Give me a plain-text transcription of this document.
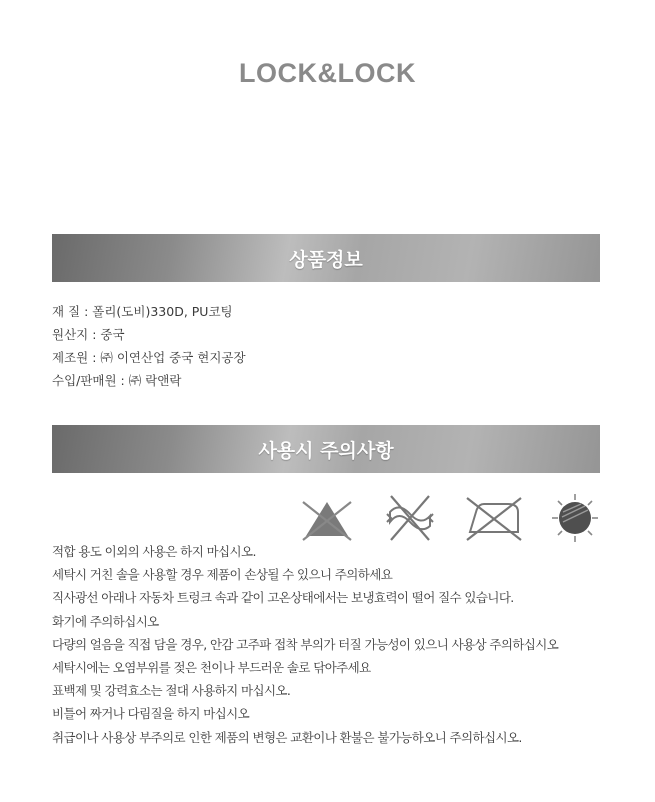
LOCK&LOCK
상품정보
재 질 : 폴리(도비)330D, PU코팅
원산지 : 중국
제조원 : ㈜ 이연산업 중국 현지공장
수입/판매원 : ㈜ 락앤락
사용시 주의사항
적합 용도 이외의 사용은 하지 마십시오.
세탁시 거친 솔을 사용할 경우 제품이 손상될 수 있으니 주의하세요
직사광선 아래나 자동차 트렁크 속과 같이 고온상태에서는 보냉효력이 떨어 질수 있습니다.
화기에 주의하십시오
다량의 얼음을 직접 담을 경우, 안감 고주파 접착 부의가 터질 가능성이 있으니 사용상 주의하십시오
세탁시에는 오염부위를 젖은 천이나 부드러운 솔로 닦아주세요
표백제 및 강력효소는 절대 사용하지 마십시오.
비틀어 짜거나 다림질을 하지 마십시오
취급이나 사용상 부주의로 인한 제품의 변형은 교환이나 환불은 불가능하오니 주의하십시오.
